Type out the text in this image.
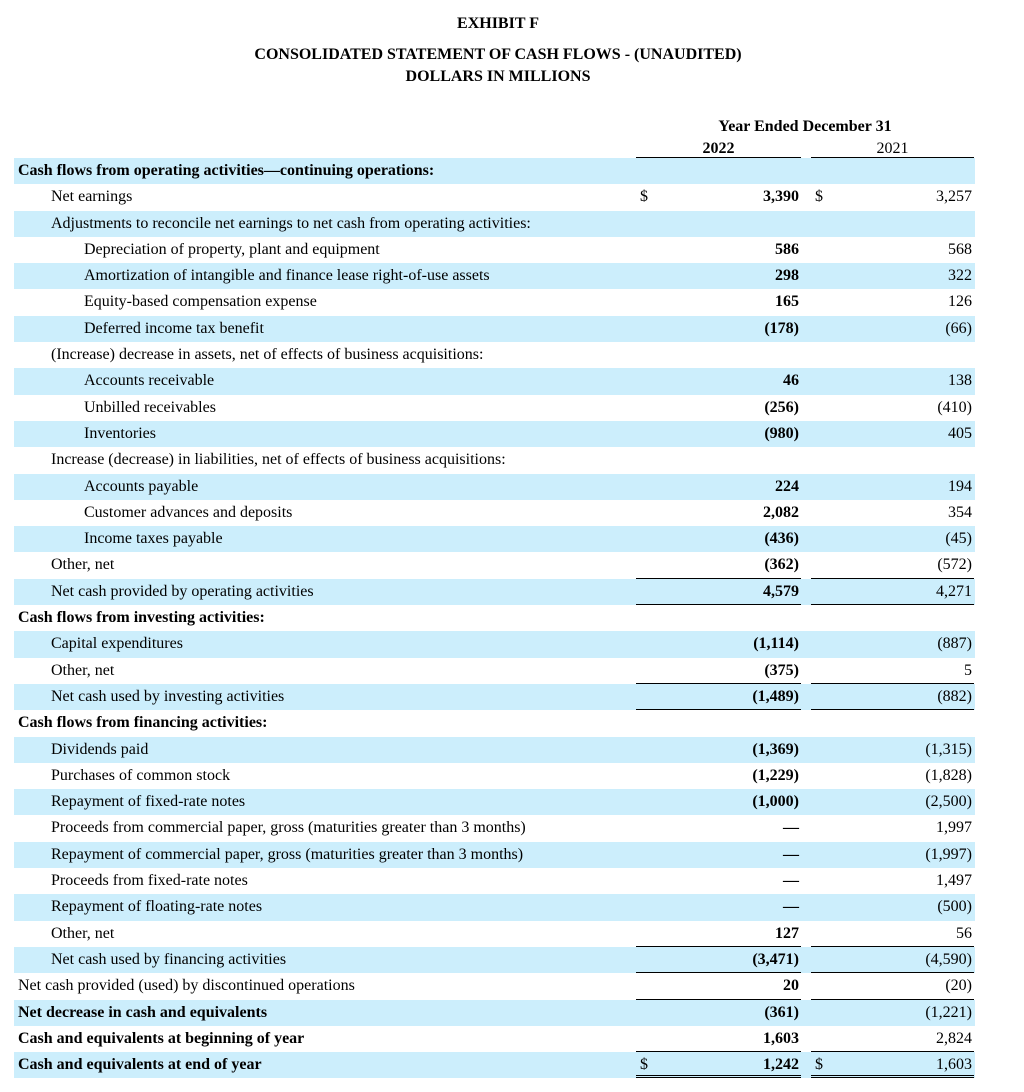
EXHIBIT F
CONSOLIDATED STATEMENT OF CASH FLOWS - (UNAUDITED)
DOLLARS IN MILLIONS
Year Ended December 31
2022	2021
Cash flows from operating activities—continuing operations:
Net earnings	$	3,390 $	3,257
Adjustments to reconcile net earnings to net cash from operating activities:
Depreciation of property, plant and equipment	586	568
Amortization of intangible and finance lease right-of-use assets	298	322
Equity-based compensation expense	165	126
Deferred income tax benefit	(178)	(66)
(Increase) decrease in assets, net of effects of business acquisitions:
Accounts receivable	46	138
Unbilled receivables	(256)	(410)
Inventories	(980)	405
Increase (decrease) in liabilities, net of effects of business acquisitions:
Accounts payable	224	194
Customer advances and deposits	2,082	354
Income taxes payable	(436)	(45)
Other, net	(362)	(572)
Net cash provided by operating activities	4,579	4,271
Cash flows from investing activities:
Capital expenditures	(1,114)	(887)
Other, net	(375)	5
Net cash used by investing activities	(1,489)	(882)
Cash flows from financing activities:
Dividends paid	(1,369)	(1,315)
Purchases of common stock	(1,229)	(1,828)
Repayment of fixed-rate notes	(1,000)	(2,500)
Proceeds from commercial paper, gross (maturities greater than 3 months)	—	1,997
Repayment of commercial paper, gross (maturities greater than 3 months)	—	(1,997)
Proceeds from fixed-rate notes	—	1,497
Repayment of floating-rate notes	—	(500)
Other, net	127	56
Net cash used by financing activities	(3,471)	(4,590)
Net cash provided (used) by discontinued operations	20	(20)
Net decrease in cash and equivalents	(361)	(1,221)
Cash and equivalents at beginning of year	1,603	2,824
Cash and equivalents at end of year	$	1,242 $	1,603
